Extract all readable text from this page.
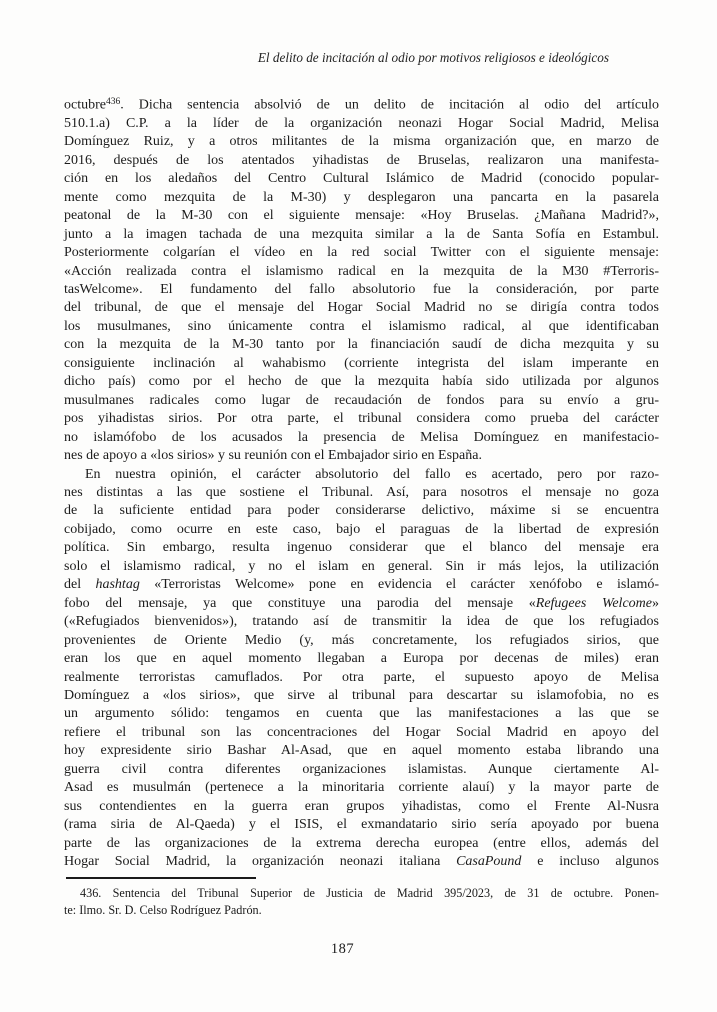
El delito de incitación al odio por motivos religiosos e ideológicos
octubre$^{436}$. Dicha sentencia absolvió de un delito de incitación al odio del artículo
510.1.a) C.P. a la líder de la organización neonazi Hogar Social Madrid, Melisa
Domínguez Ruiz, y a otros militantes de la misma organización que, en marzo de
2016, después de los atentados yihadistas de Bruselas, realizaron una manifesta-
ción en los aledaños del Centro Cultural Islámico de Madrid (conocido popular-
mente como mezquita de la M-30) y desplegaron una pancarta en la pasarela
peatonal de la M-30 con el siguiente mensaje: «Hoy Bruselas. ¿Mañana Madrid?»,
junto a la imagen tachada de una mezquita similar a la de Santa Sofía en Estambul.
Posteriormente colgarían el vídeo en la red social Twitter con el siguiente mensaje:
«Acción realizada contra el islamismo radical en la mezquita de la M30 #Terroris-
tasWelcome». El fundamento del fallo absolutorio fue la consideración, por parte
del tribunal, de que el mensaje del Hogar Social Madrid no se dirigía contra todos
los musulmanes, sino únicamente contra el islamismo radical, al que identificaban
con la mezquita de la M-30 tanto por la financiación saudí de dicha mezquita y su
consiguiente inclinación al wahabismo (corriente integrista del islam imperante en
dicho país) como por el hecho de que la mezquita había sido utilizada por algunos
musulmanes radicales como lugar de recaudación de fondos para su envío a gru-
pos yihadistas sirios. Por otra parte, el tribunal considera como prueba del carácter
no islamófobo de los acusados la presencia de Melisa Domínguez en manifestacio-
nes de apoyo a «los sirios» y su reunión con el Embajador sirio en España.
En nuestra opinión, el carácter absolutorio del fallo es acertado, pero por razo-
nes distintas a las que sostiene el Tribunal. Así, para nosotros el mensaje no goza
de la suficiente entidad para poder considerarse delictivo, máxime si se encuentra
cobijado, como ocurre en este caso, bajo el paraguas de la libertad de expresión
política. Sin embargo, resulta ingenuo considerar que el blanco del mensaje era
solo el islamismo radical, y no el islam en general. Sin ir más lejos, la utilización
del hashtag «Terroristas Welcome» pone en evidencia el carácter xenófobo e islamó-
fobo del mensaje, ya que constituye una parodia del mensaje «Refugees Welcome»
(«Refugiados bienvenidos»), tratando así de transmitir la idea de que los refugiados
provenientes de Oriente Medio (y, más concretamente, los refugiados sirios, que
eran los que en aquel momento llegaban a Europa por decenas de miles) eran
realmente terroristas camuflados. Por otra parte, el supuesto apoyo de Melisa
Domínguez a «los sirios», que sirve al tribunal para descartar su islamofobia, no es
un argumento sólido: tengamos en cuenta que las manifestaciones a las que se
refiere el tribunal son las concentraciones del Hogar Social Madrid en apoyo del
hoy expresidente sirio Bashar Al-Asad, que en aquel momento estaba librando una
guerra civil contra diferentes organizaciones islamistas. Aunque ciertamente Al-
Asad es musulmán (pertenece a la minoritaria corriente alauí) y la mayor parte de
sus contendientes en la guerra eran grupos yihadistas, como el Frente Al-Nusra
(rama siria de Al-Qaeda) y el ISIS, el exmandatario sirio sería apoyado por buena
parte de las organizaciones de la extrema derecha europea (entre ellos, además del
Hogar Social Madrid, la organización neonazi italiana CasaPound e incluso algunos
436. Sentencia del Tribunal Superior de Justicia de Madrid 395/2023, de 31 de octubre. Ponen-
te: Ilmo. Sr. D. Celso Rodríguez Padrón.
187
